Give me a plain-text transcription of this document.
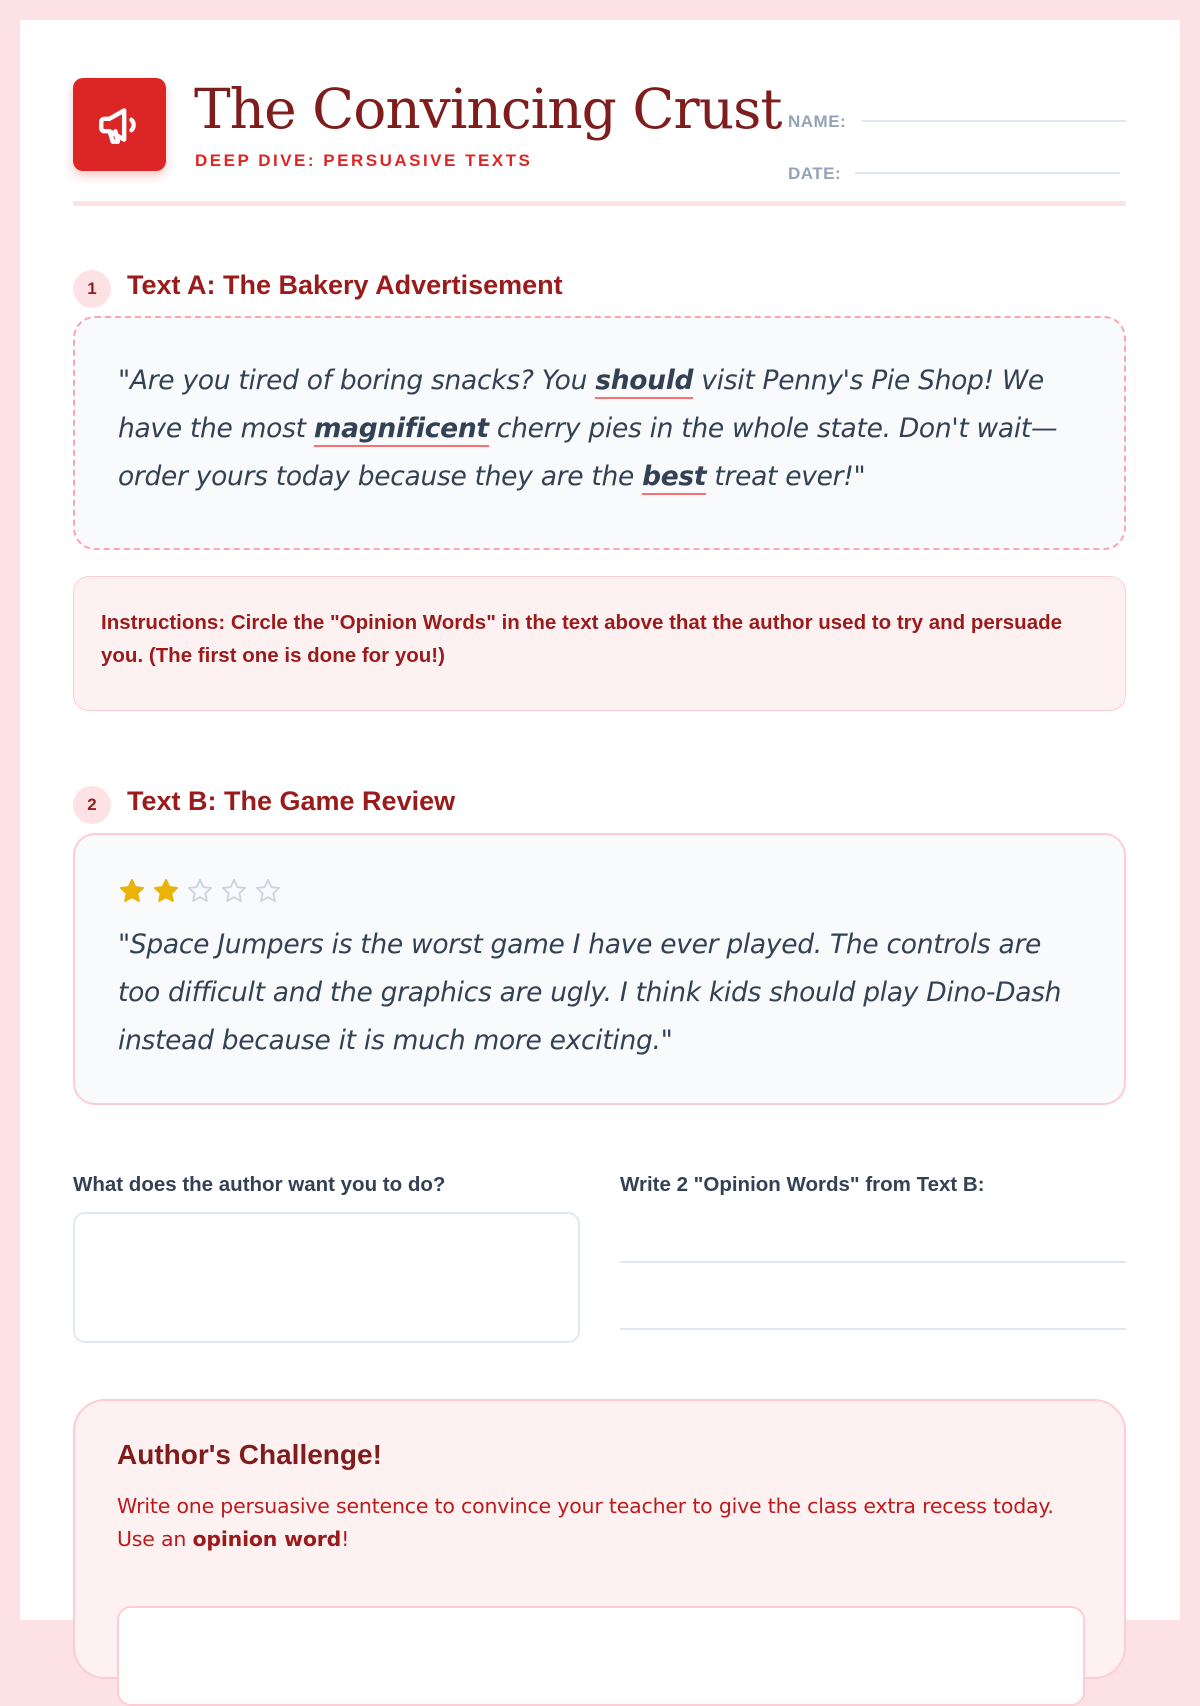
The Convincing Crust
DEEP DIVE: PERSUASIVE TEXTS
NAME:
DATE:
1	Text A: The Bakery Advertisement
"Are you tired of boring snacks? You should visit Penny's Pie Shop! We have the most magnificent cherry pies in the whole state. Don't wait—order yours today because they are the best treat ever!"
Instructions: Circle the "Opinion Words" in the text above that the author used to try and persuade you. (The first one is done for you!)
2	Text B: The Game Review
"Space Jumpers is the worst game I have ever played. The controls are too difficult and the graphics are ugly. I think kids should play Dino-Dash instead because it is much more exciting."
What does the author want you to do?	Write 2 "Opinion Words" from Text B:
Author's Challenge!
Write one persuasive sentence to convince your teacher to give the class extra recess today. Use an opinion word!
